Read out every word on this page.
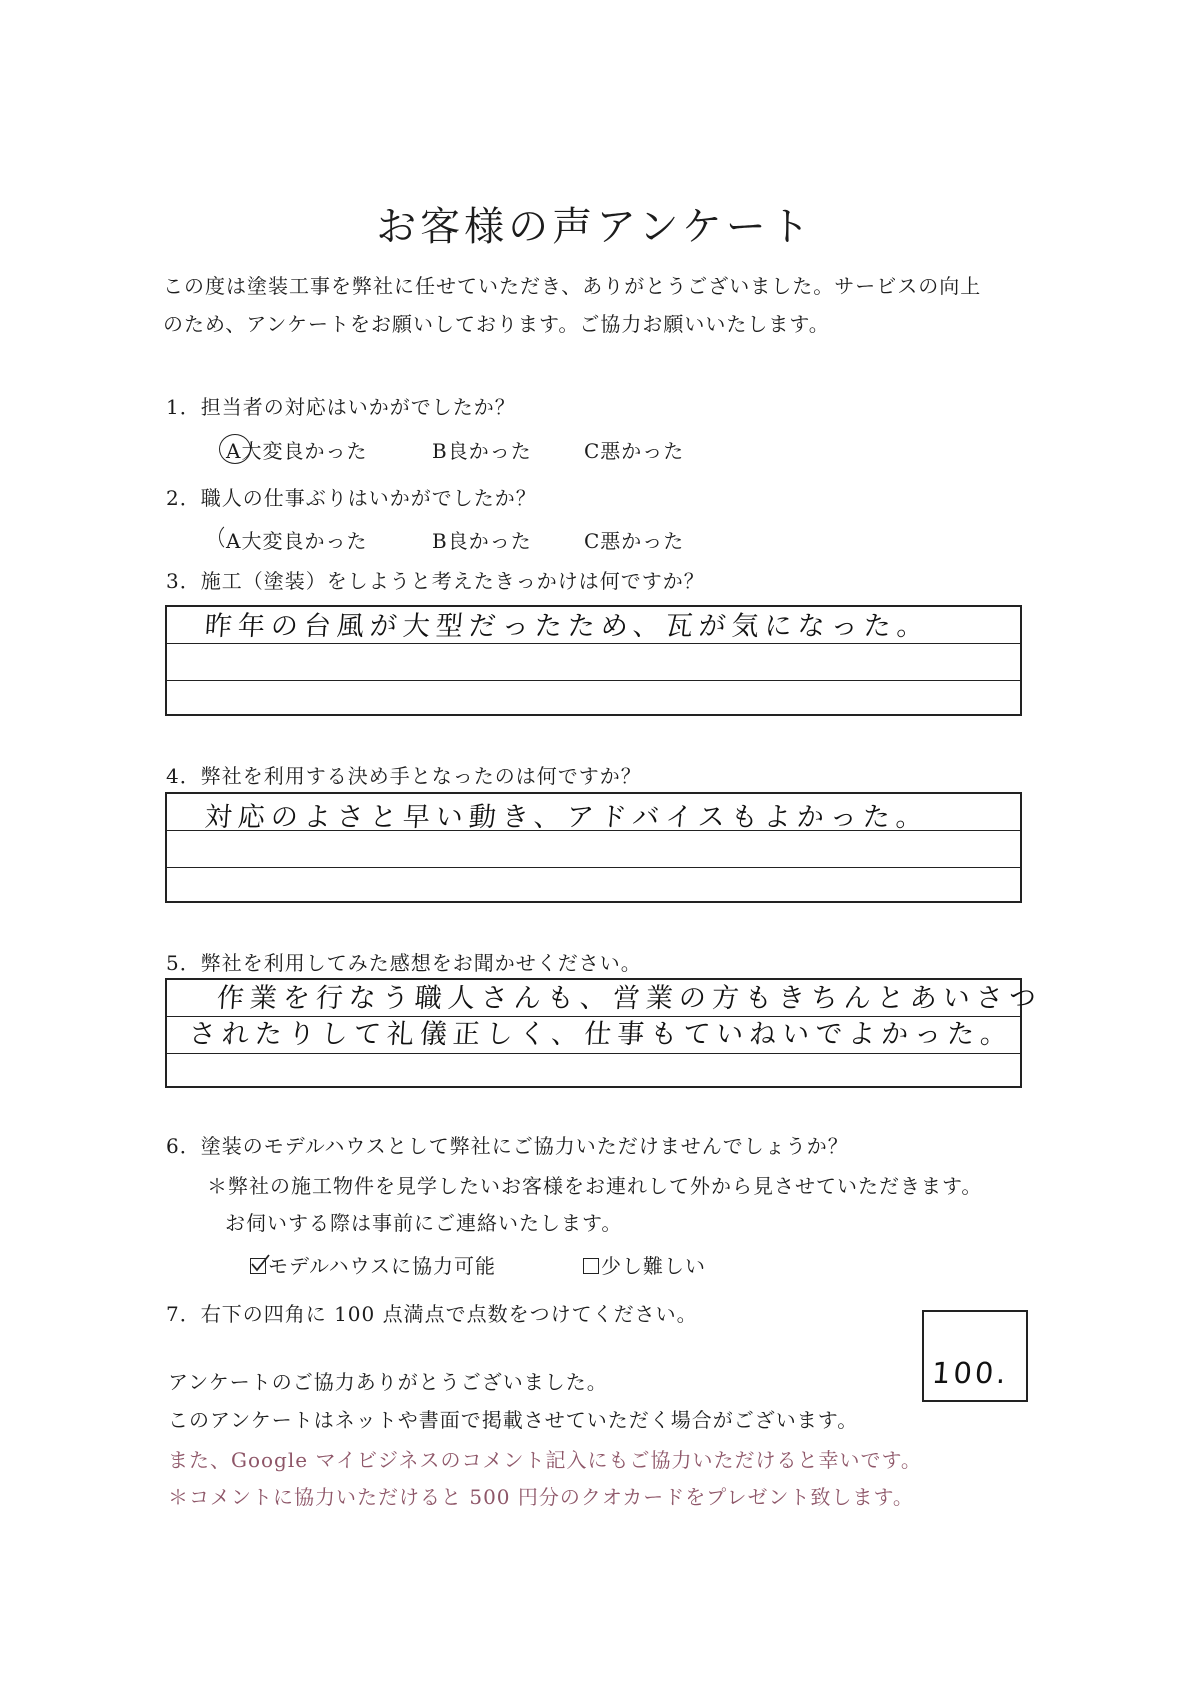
お客様の声アンケート
この度は塗装工事を弊社に任せていただき、ありがとうございました。サービスの向上
のため、アンケートをお願いしております。ご協力お願いいたします。
1．担当者の対応はいかがでしたか？
A大変良かった	B良かった	C悪かった
2．職人の仕事ぶりはいかがでしたか？
A大変良かった	B良かった	C悪かった
3．施工（塗装）をしようと考えたきっかけは何ですか？
昨年の台風が大型だったため、瓦が気になった。
4．弊社を利用する決め手となったのは何ですか？
対応のよさと早い動き、アドバイスもよかった。
5．弊社を利用してみた感想をお聞かせください。
作業を行なう職人さんも、営業の方もきちんとあいさつ
されたりして礼儀正しく、仕事もていねいでよかった。
6．塗装のモデルハウスとして弊社にご協力いただけませんでしょうか？
＊弊社の施工物件を見学したいお客様をお連れして外から見させていただきます。
お伺いする際は事前にご連絡いたします。
モデルハウスに協力可能	少し難しい
7．右下の四角に 100 点満点で点数をつけてください。
100.
アンケートのご協力ありがとうございました。
このアンケートはネットや書面で掲載させていただく場合がございます。
また、Google マイビジネスのコメント記入にもご協力いただけると幸いです。
＊コメントに協力いただけると 500 円分のクオカードをプレゼント致します。
